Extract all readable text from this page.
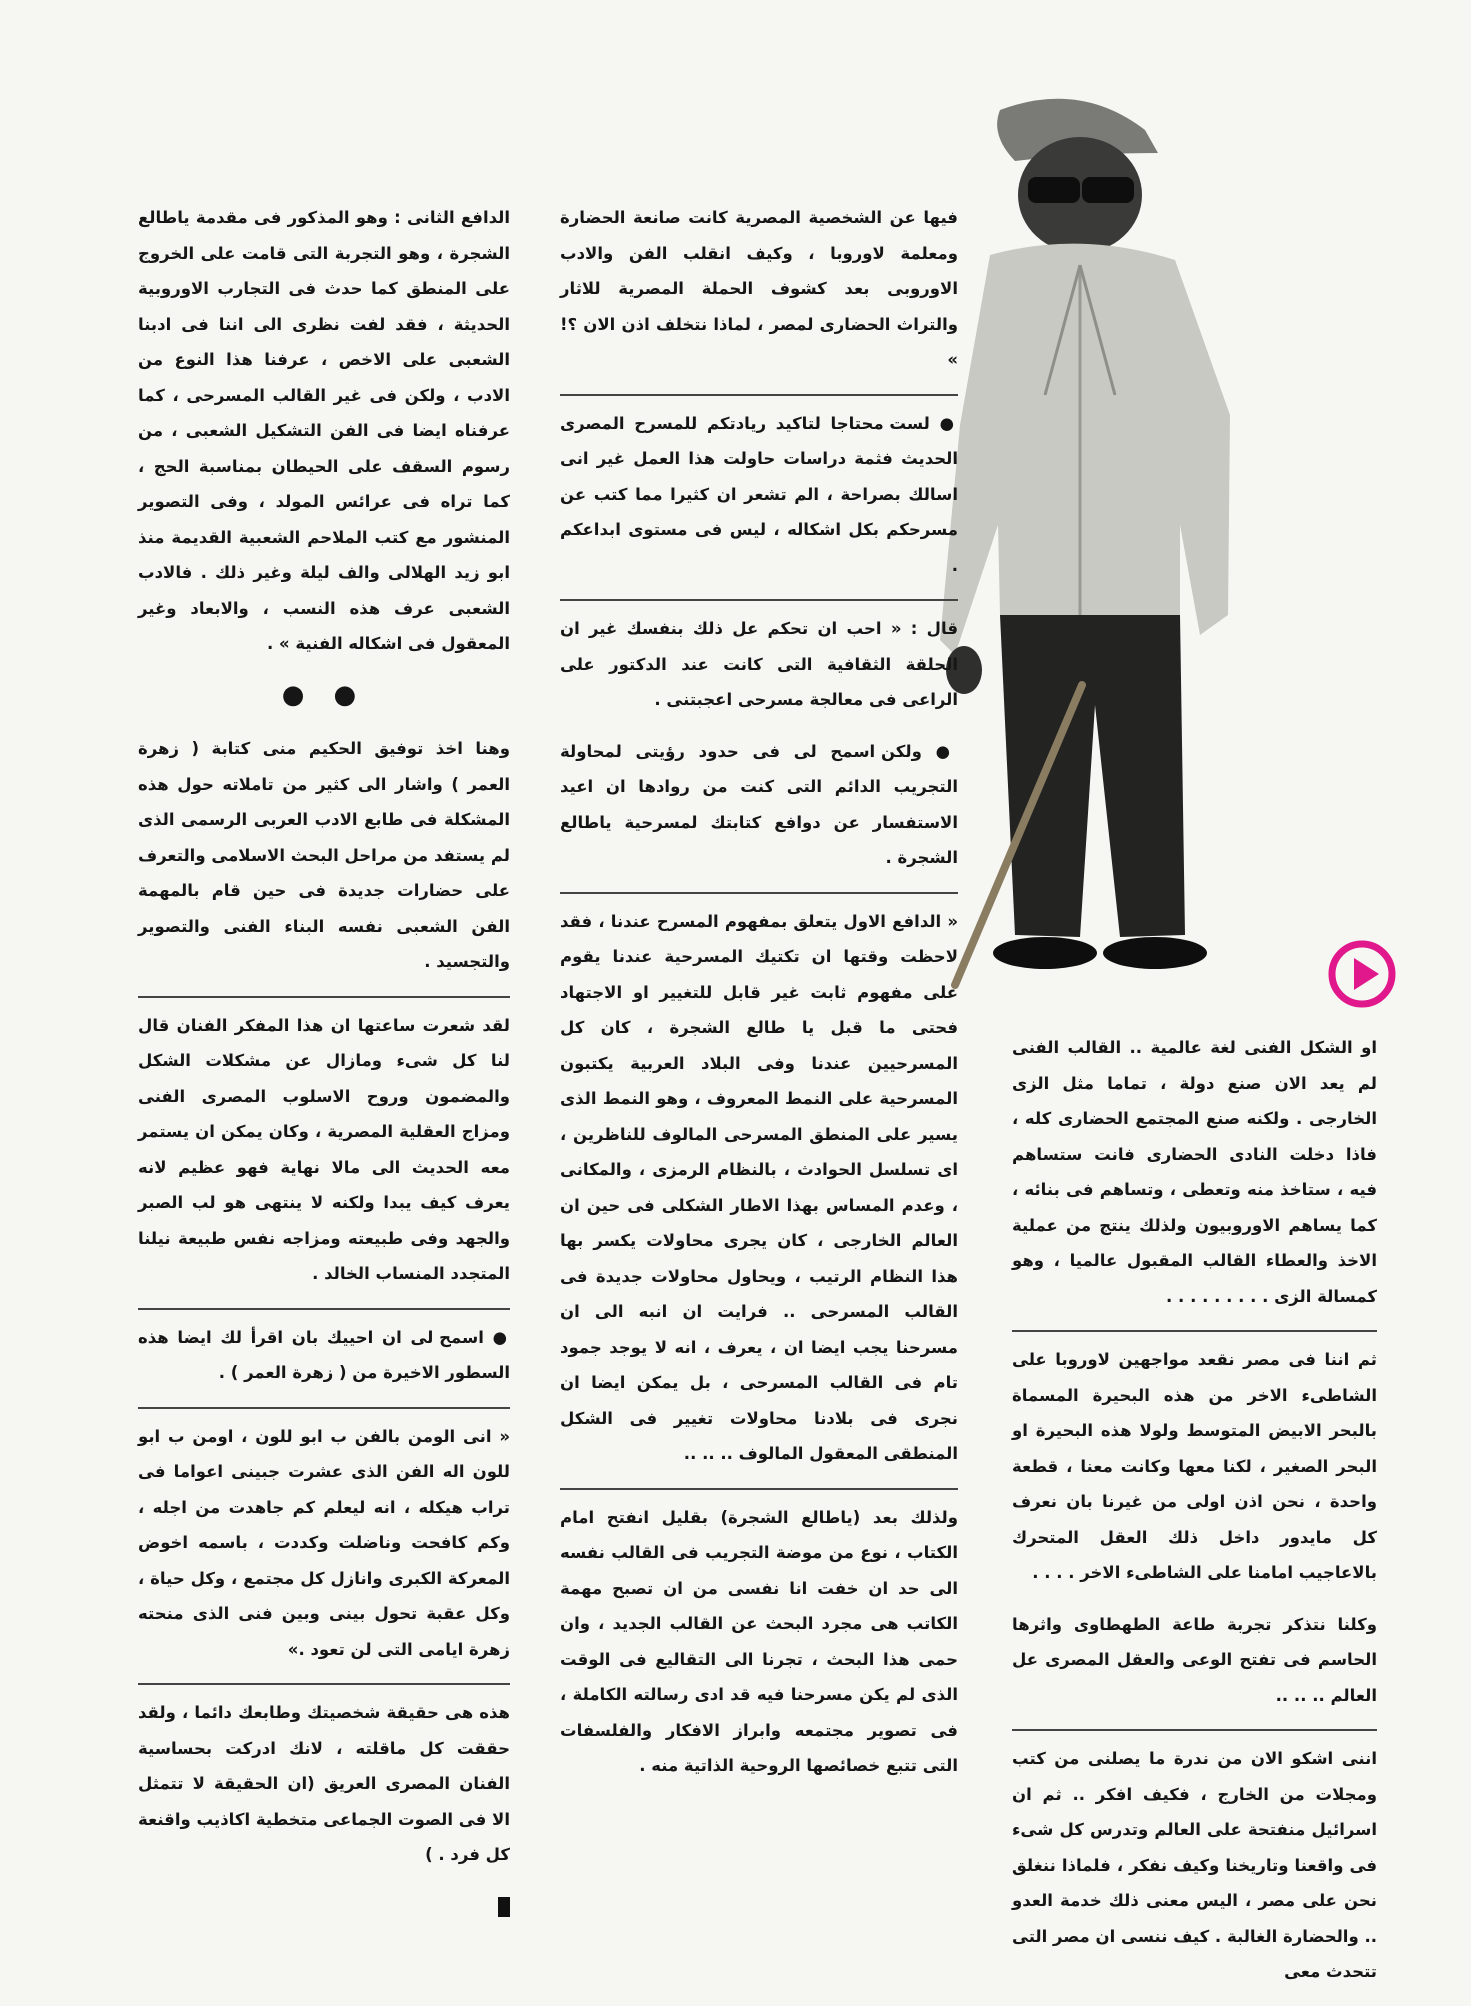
فيها عن الشخصية المصرية كانت صانعة الحضارة ومعلمة لاوروبا ، وكيف انقلب الفن والادب الاوروبى بعد كشوف الحملة المصرية للاثار والتراث الحضارى لمصر ، لماذا نتخلف اذن الان ؟! »

● لست محتاجا لتاكيد ريادتكم للمسرح المصرى الحديث فثمة دراسات حاولت هذا العمل غير انى اسالك بصراحة ، الم تشعر ان كثيرا مما كتب عن مسرحكم بكل اشكاله ، ليس فى مستوى ابداعكم .

قال : « احب ان تحكم عل ذلك بنفسك غير ان الحلقة الثقافية التى كانت عند الدكتور على الراعى فى معالجة مسرحى اعجبتنى .

● ولكن اسمح لى فى حدود رؤيتى لمحاولة التجريب الدائم التى كنت من روادها ان اعيد الاستفسار عن دوافع كتابتك لمسرحية ياطالع الشجرة .

« الدافع الاول يتعلق بمفهوم المسرح عندنا ، فقد لاحظت وقتها ان تكتيك المسرحية عندنا يقوم على مفهوم ثابت غير قابل للتغيير او الاجتهاد فحتى ما قبل يا طالع الشجرة ، كان كل المسرحيين عندنا وفى البلاد العربية يكتبون المسرحية على النمط المعروف ، وهو النمط الذى يسير على المنطق المسرحى المالوف للناظرين ، اى تسلسل الحوادث ، بالنظام الرمزى ، والمكانى ، وعدم المساس بهذا الاطار الشكلى فى حين ان العالم الخارجى ، كان يجرى محاولات يكسر بها هذا النظام الرتيب ، ويحاول محاولات جديدة فى القالب المسرحى .. فرايت ان انبه الى ان مسرحنا يجب ايضا ان ، يعرف ، انه لا يوجد جمود تام فى القالب المسرحى ، بل يمكن ايضا ان نجرى فى بلادنا محاولات تغيير فى الشكل المنطقى المعقول المالوف .. .. ..

ولذلك بعد (ياطالع الشجرة) بقليل انفتح امام الكتاب ، نوع من موضة التجريب فى القالب نفسه الى حد ان خفت انا نفسى من ان تصبح مهمة الكاتب هى مجرد البحث عن القالب الجديد ، وان حمى هذا البحث ، تجرنا الى التقاليع فى الوقت الذى لم يكن مسرحنا فيه قد ادى رسالته الكاملة ، فى تصوير مجتمعه وابراز الافكار والفلسفات التى تتبع خصائصها الروحية الذاتية منه .

الدافع الثانى : وهو المذكور فى مقدمة ياطالع الشجرة ، وهو التجربة التى قامت على الخروج على المنطق كما حدث فى التجارب الاوروبية الحديثة ، فقد لفت نظرى الى اننا فى ادبنا الشعبى على الاخص ، عرفنا هذا النوع من الادب ، ولكن فى غير القالب المسرحى ، كما عرفناه ايضا فى الفن التشكيل الشعبى ، من رسوم السقف على الحيطان بمناسبة الحج ، كما تراه فى عرائس المولد ، وفى التصوير المنشور مع كتب الملاحم الشعبية القديمة منذ ابو زيد الهلالى والف ليلة وغير ذلك . فالادب الشعبى عرف هذه النسب ، والابعاد وغير المعقول فى اشكاله الفنية » .

● ●

وهنا اخذ توفيق الحكيم منى كتابة ( زهرة العمر ) واشار الى كثير من تاملاته حول هذه المشكلة فى طابع الادب العربى الرسمى الذى لم يستفد من مراحل البحث الاسلامى والتعرف على حضارات جديدة فى حين قام بالمهمة الفن الشعبى نفسه البناء الفنى والتصوير والتجسيد .

لقد شعرت ساعتها ان هذا المفكر الفنان قال لنا كل شىء ومازال عن مشكلات الشكل والمضمون وروح الاسلوب المصرى الفنى ومزاج العقلية المصرية ، وكان يمكن ان يستمر معه الحديث الى مالا نهاية فهو عظيم لانه يعرف كيف يبدا ولكنه لا ينتهى هو لب الصبر والجهد وفى طبيعته ومزاجه نفس طبيعة نيلنا المتجدد المنساب الخالد .

● اسمح لى ان احييك بان اقرأ لك ايضا هذه السطور الاخيرة من ( زهرة العمر ) .

« انى الومن بالفن ب ابو للون ، اومن ب ابو للون اله الفن الذى عشرت جبينى اعواما فى تراب هيكله ، انه ليعلم كم جاهدت من اجله ، وكم كافحت وناضلت وكددت ، باسمه اخوض المعركة الكبرى وانازل كل مجتمع ، وكل حياة ، وكل عقبة تحول بينى وبين فنى الذى منحته زهرة ايامى التى لن تعود .»

هذه هى حقيقة شخصيتك وطابعك دائما ، ولقد حققت كل ماقلته ، لانك ادركت بحساسية الفنان المصرى العريق (ان الحقيقة لا تتمثل الا فى الصوت الجماعى متخطية اكاذيب واقنعة كل فرد . )

او الشكل الفنى لغة عالمية .. القالب الفنى لم يعد الان صنع دولة ، تماما مثل الزى الخارجى . ولكنه صنع المجتمع الحضارى كله ، فاذا دخلت النادى الحضارى فانت ستساهم فيه ، ستاخذ منه وتعطى ، وتساهم فى بنائه ، كما يساهم الاوروبيون ولذلك ينتج من عملية الاخذ والعطاء القالب المقبول عالميا ، وهو كمسالة الزى . . . . . . . . .

ثم اننا فى مصر نقعد مواجهين لاوروبا على الشاطىء الاخر من هذه البحيرة المسماة بالبحر الابيض المتوسط ولولا هذه البحيرة او البحر الصغير ، لكنا معها وكانت معنا ، قطعة واحدة ، نحن اذن اولى من غيرنا بان نعرف كل مايدور داخل ذلك العقل المتحرك بالاعاجيب امامنا على الشاطىء الاخر . . . .

وكلنا نتذكر تجربة طاعة الطهطاوى واثرها الحاسم فى تفتح الوعى والعقل المصرى عل العالم .. .. ..

اننى اشكو الان من ندرة ما يصلنى من كتب ومجلات من الخارج ، فكيف افكر .. ثم ان اسرائيل منفتحة على العالم وتدرس كل شىء فى واقعنا وتاريخنا وكيف نفكر ، فلماذا ننغلق نحن على مصر ، اليس معنى ذلك خدمة العدو .. والحضارة الغالبة . كيف ننسى ان مصر التى تتحدث معى
